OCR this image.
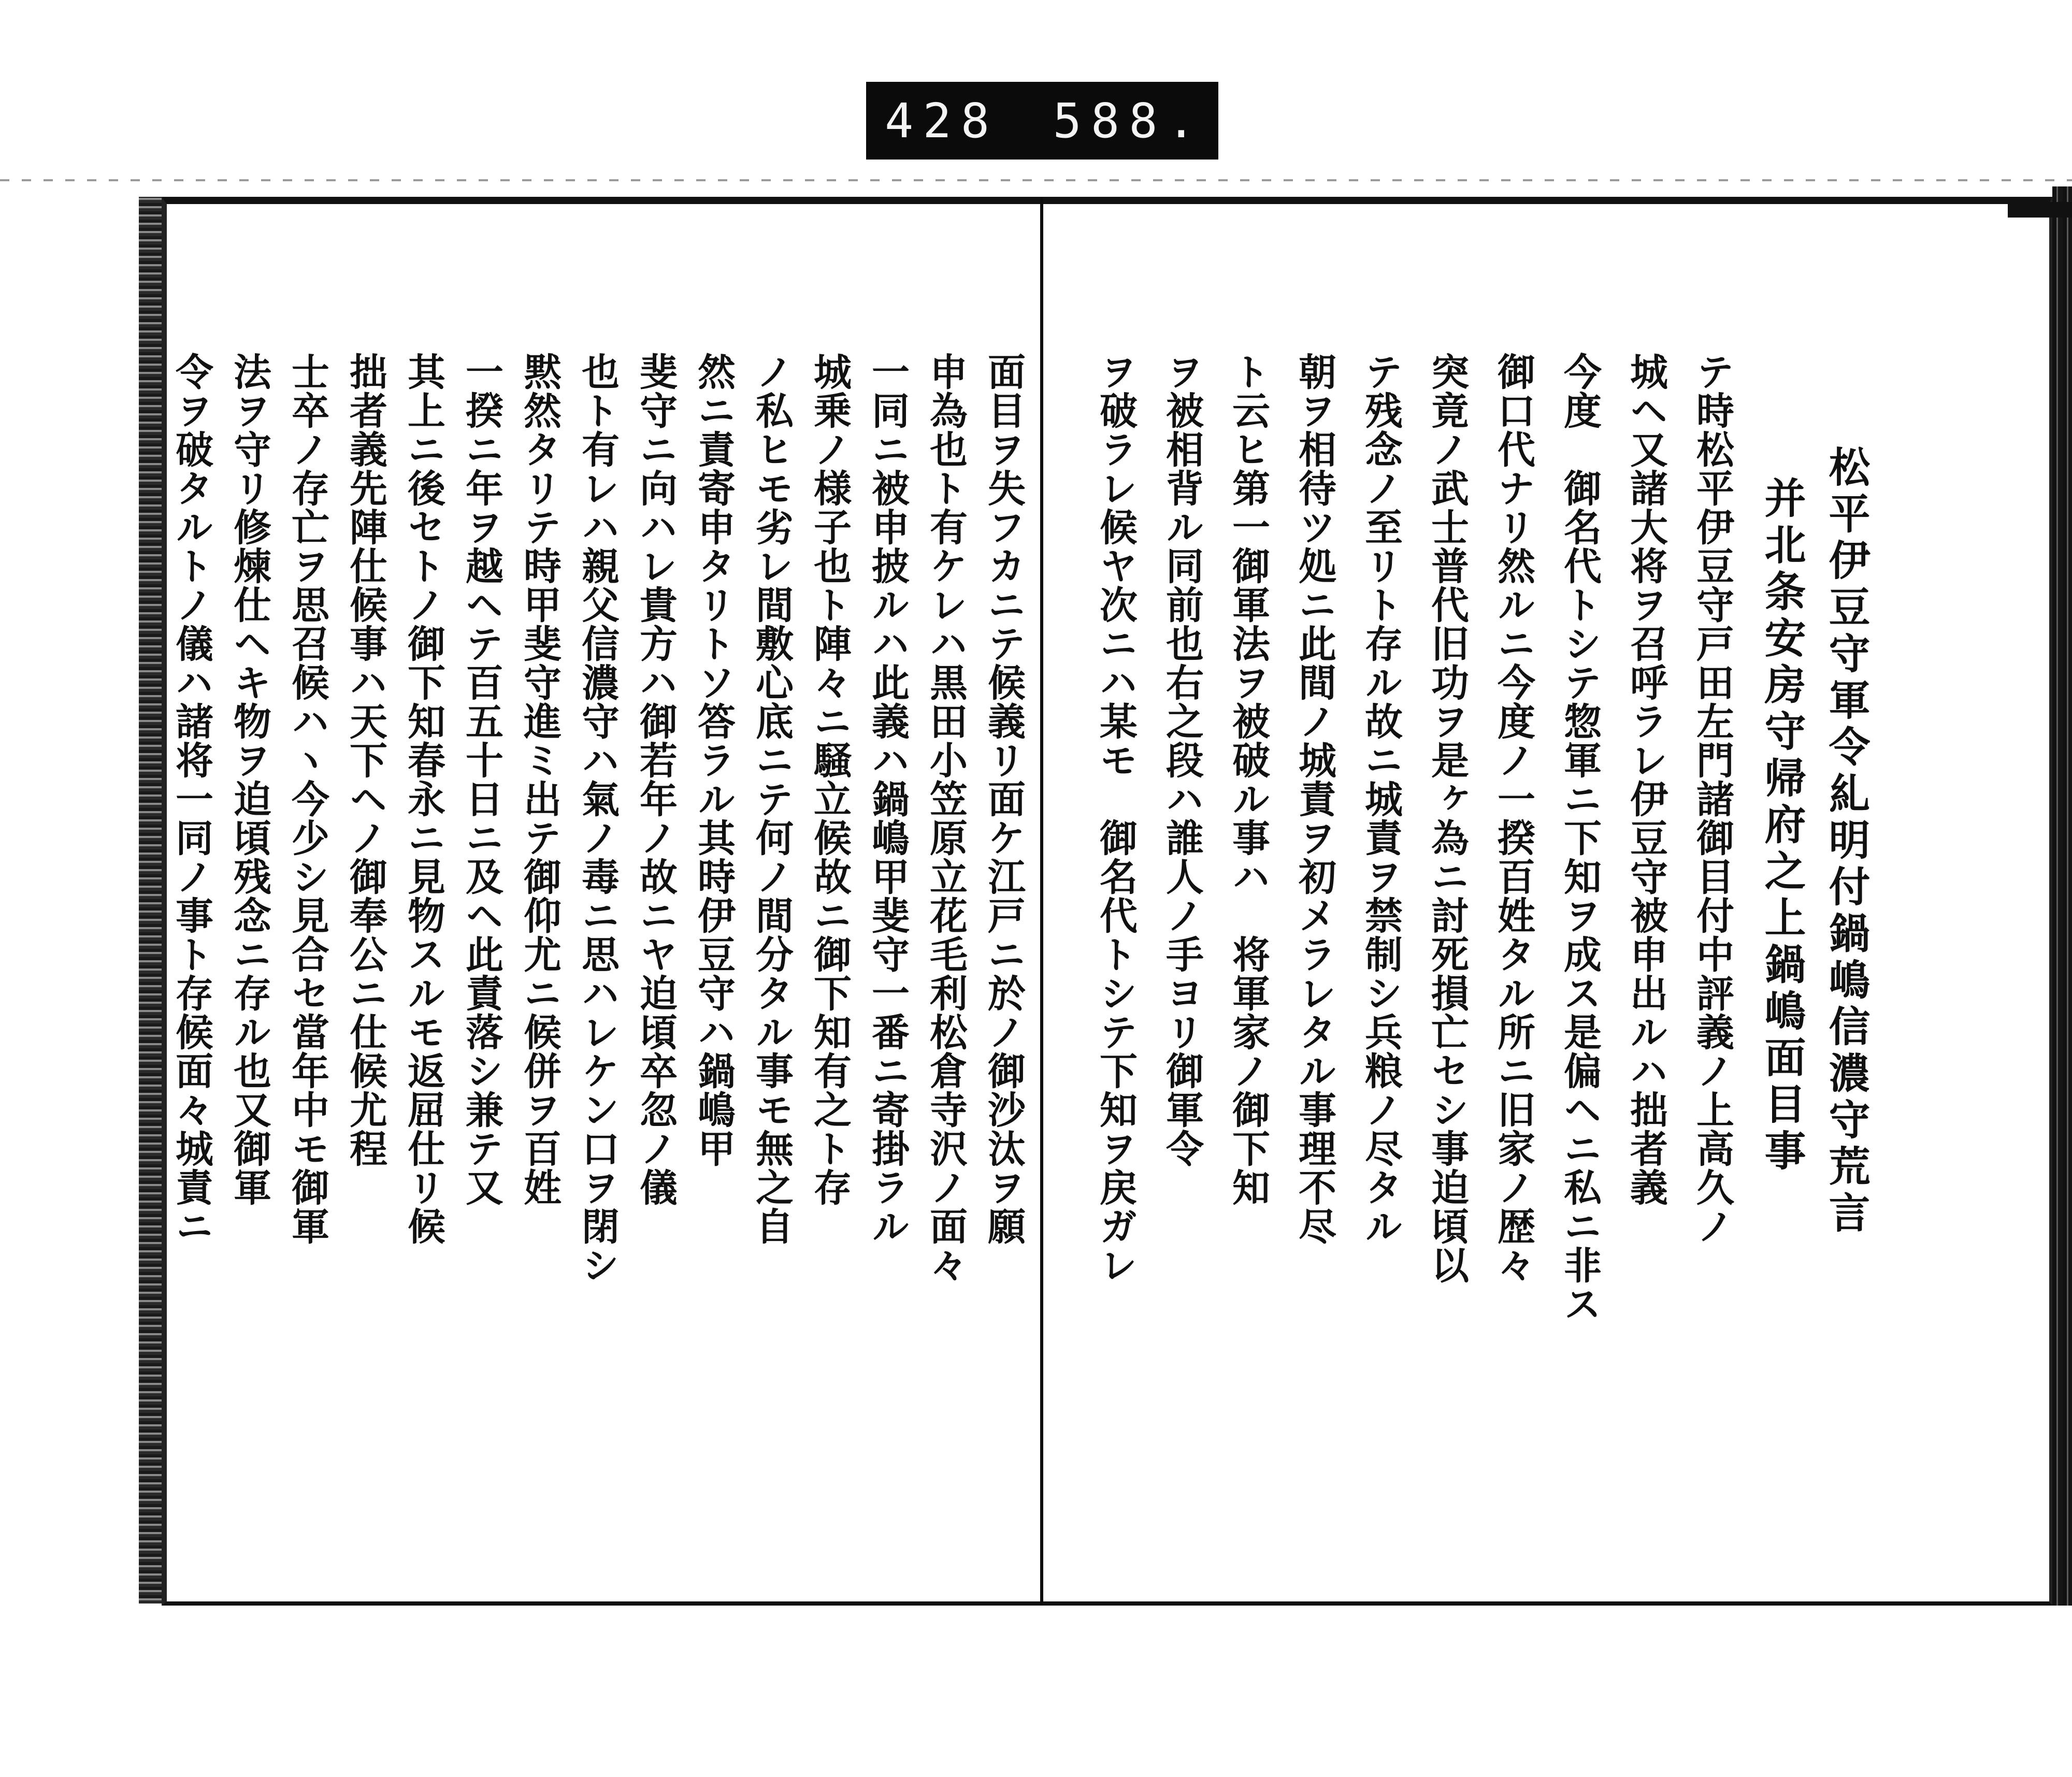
428 588.
松平伊豆守軍令糺明付鍋嶋信濃守荒言
并北条安房守帰府之上鍋嶋面目事
テ時松平伊豆守戸田左門諸御目付中評義ノ上高久ノ
城ヘ又諸大将ヲ召呼ラレ伊豆守被申出ルハ拙者義
今度　御名代トシテ惣軍ニ下知ヲ成ス是偏ヘニ私ニ非ス
御口代ナリ然ルニ今度ノ一揆百姓タル所ニ旧家ノ歴々
突竟ノ武士普代旧功ヲ是ヶ為ニ討死損亡セシ事迫頃以
テ残念ノ至リト存ル故ニ城責ヲ禁制シ兵粮ノ尽タル
朝ヲ相待ツ処ニ此間ノ城責ヲ初メラレタル事理不尽
ト云ヒ第一御軍法ヲ被破ル事ハ　将軍家ノ御下知
ヲ被相背ル同前也右之段ハ誰人ノ手ヨリ御軍令
ヲ破ラレ候ヤ次ニハ某モ　御名代トシテ下知ヲ戻ガレ
面目ヲ失フカニテ候義リ面ケ江戸ニ於ノ御沙汰ヲ願
申為也ト有ケレハ黒田小笠原立花毛利松倉寺沢ノ面々
一同ニ被申披ルハ此義ハ鍋嶋甲斐守一番ニ寄掛ラル
城乗ノ様子也ト陣々ニ騒立候故ニ御下知有之ト存
ノ私ヒモ劣レ間敷心底ニテ何ノ間分タル事モ無之自
然ニ責寄申タリトソ答ラル其時伊豆守ハ鍋嶋甲
斐守ニ向ハレ貴方ハ御若年ノ故ニヤ迫頃卒忽ノ儀
也ト有レハ親父信濃守ハ氣ノ毒ニ思ハレケン口ヲ閉シ
黙然タリテ時甲斐守進ミ出テ御仰尤ニ候併ヲ百姓
一揆ニ年ヲ越ヘテ百五十日ニ及ヘ此責落シ兼テ又
其上ニ後セトノ御下知春永ニ見物スルモ返屈仕リ候
拙者義先陣仕候事ハ天下ヘノ御奉公ニ仕候尤程
士卒ノ存亡ヲ思召候ハヽ今少シ見合セ當年中モ御軍
法ヲ守リ修煉仕ヘキ物ヲ迫頃残念ニ存ル也又御軍
令ヲ破タルトノ儀ハ諸将一同ノ事ト存候面々城責ニ
